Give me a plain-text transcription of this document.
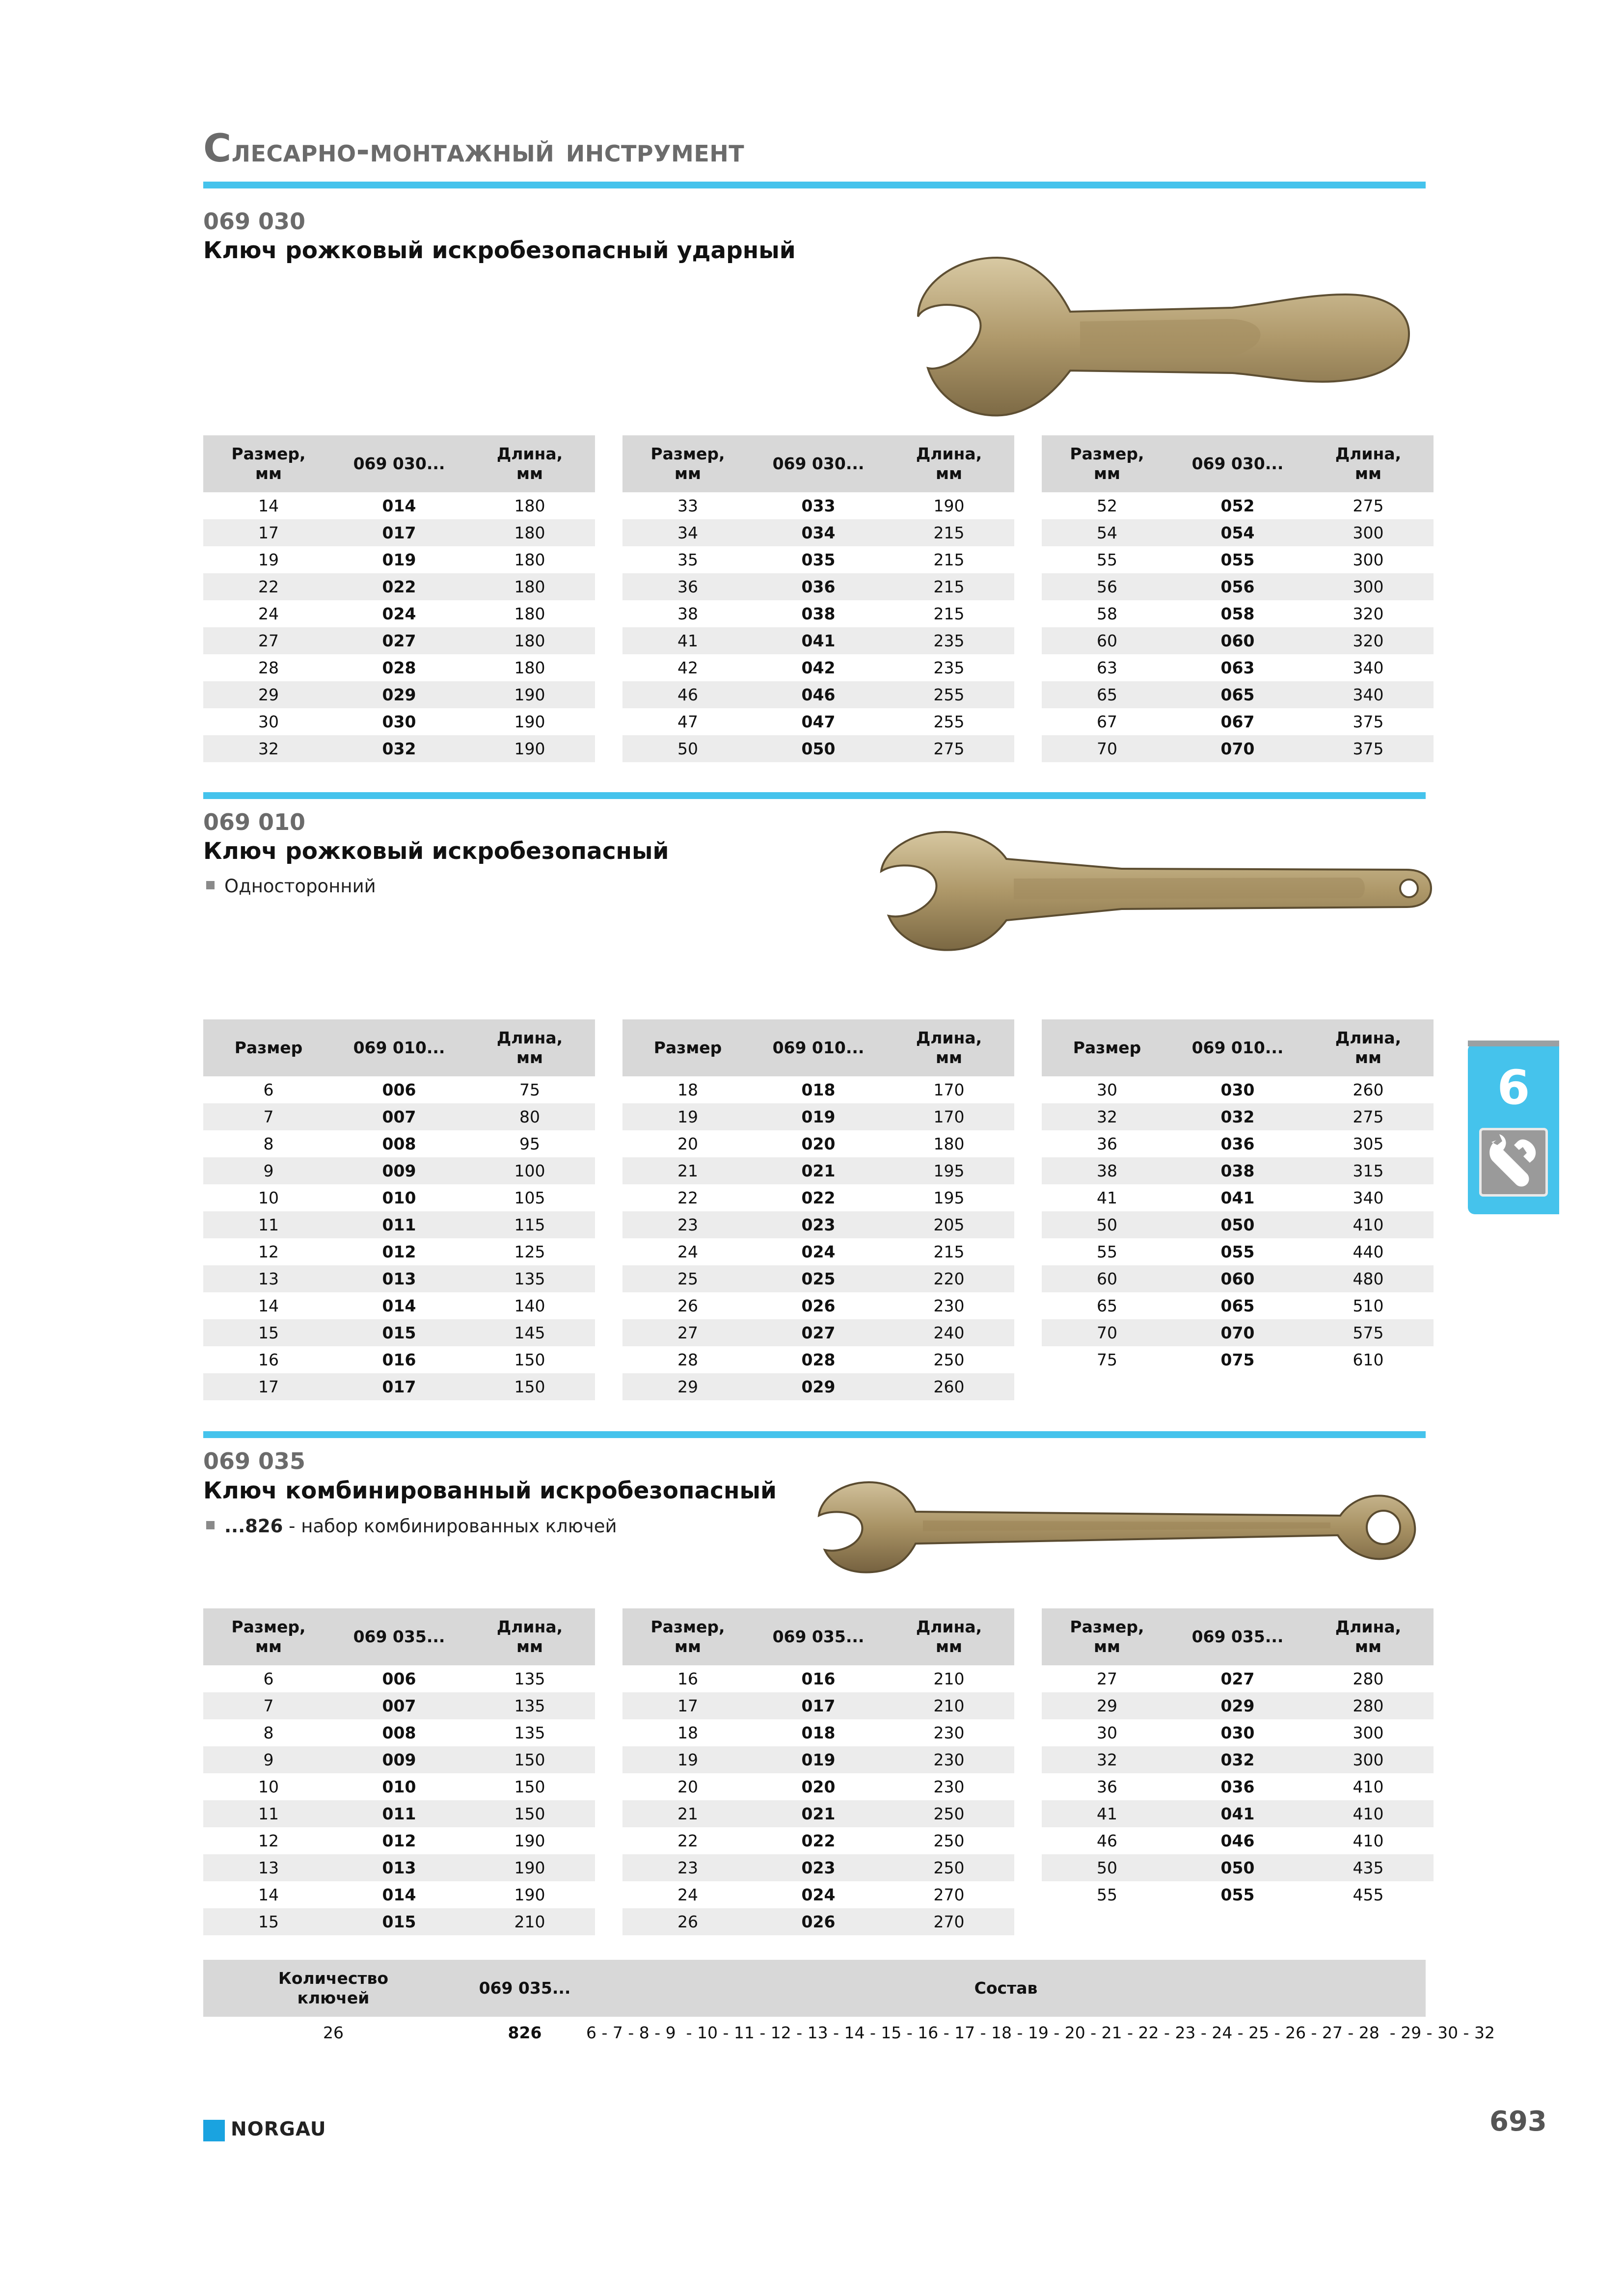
Слесарно-монтажный инструмент
069 030
Ключ рожковый искробезопасный ударный
Размер,
мм	069 030...	Длина,
мм
14	014	180
17	017	180
19	019	180
22	022	180
24	024	180
27	027	180
28	028	180
29	029	190
30	030	190
32	032	190
Размер,
мм	069 030...	Длина,
мм
33	033	190
34	034	215
35	035	215
36	036	215
38	038	215
41	041	235
42	042	235
46	046	255
47	047	255
50	050	275
Размер,
мм	069 030...	Длина,
мм
52	052	275
54	054	300
55	055	300
56	056	300
58	058	320
60	060	320
63	063	340
65	065	340
67	067	375
70	070	375
069 010
Ключ рожковый искробезопасный
Односторонний
Размер	069 010...	Длина,
мм
6	006	75
7	007	80
8	008	95
9	009	100
10	010	105
11	011	115
12	012	125
13	013	135
14	014	140
15	015	145
16	016	150
17	017	150
Размер	069 010...	Длина,
мм
18	018	170
19	019	170
20	020	180
21	021	195
22	022	195
23	023	205
24	024	215
25	025	220
26	026	230
27	027	240
28	028	250
29	029	260
Размер	069 010...	Длина,
мм
30	030	260
32	032	275
36	036	305
38	038	315
41	041	340
50	050	410
55	055	440
60	060	480
65	065	510
70	070	575
75	075	610
6
069 035
Ключ комбинированный искробезопасный
...826 - набор комбинированных ключей
Размер,
мм	069 035...	Длина,
мм
6	006	135
7	007	135
8	008	135
9	009	150
10	010	150
11	011	150
12	012	190
13	013	190
14	014	190
15	015	210
Размер,
мм	069 035...	Длина,
мм
16	016	210
17	017	210
18	018	230
19	019	230
20	020	230
21	021	250
22	022	250
23	023	250
24	024	270
26	026	270
Размер,
мм	069 035...	Длина,
мм
27	027	280
29	029	280
30	030	300
32	032	300
36	036	410
41	041	410
46	046	410
50	050	435
55	055	455
Количество
ключей	069 035...	Состав
26	826	6 - 7 - 8 - 9  - 10 - 11 - 12 - 13 - 14 - 15 - 16 - 17 - 18 - 19 - 20 - 21 - 22 - 23 - 24 - 25 - 26 - 27 - 28  - 29 - 30 - 32
NORGAU	693
